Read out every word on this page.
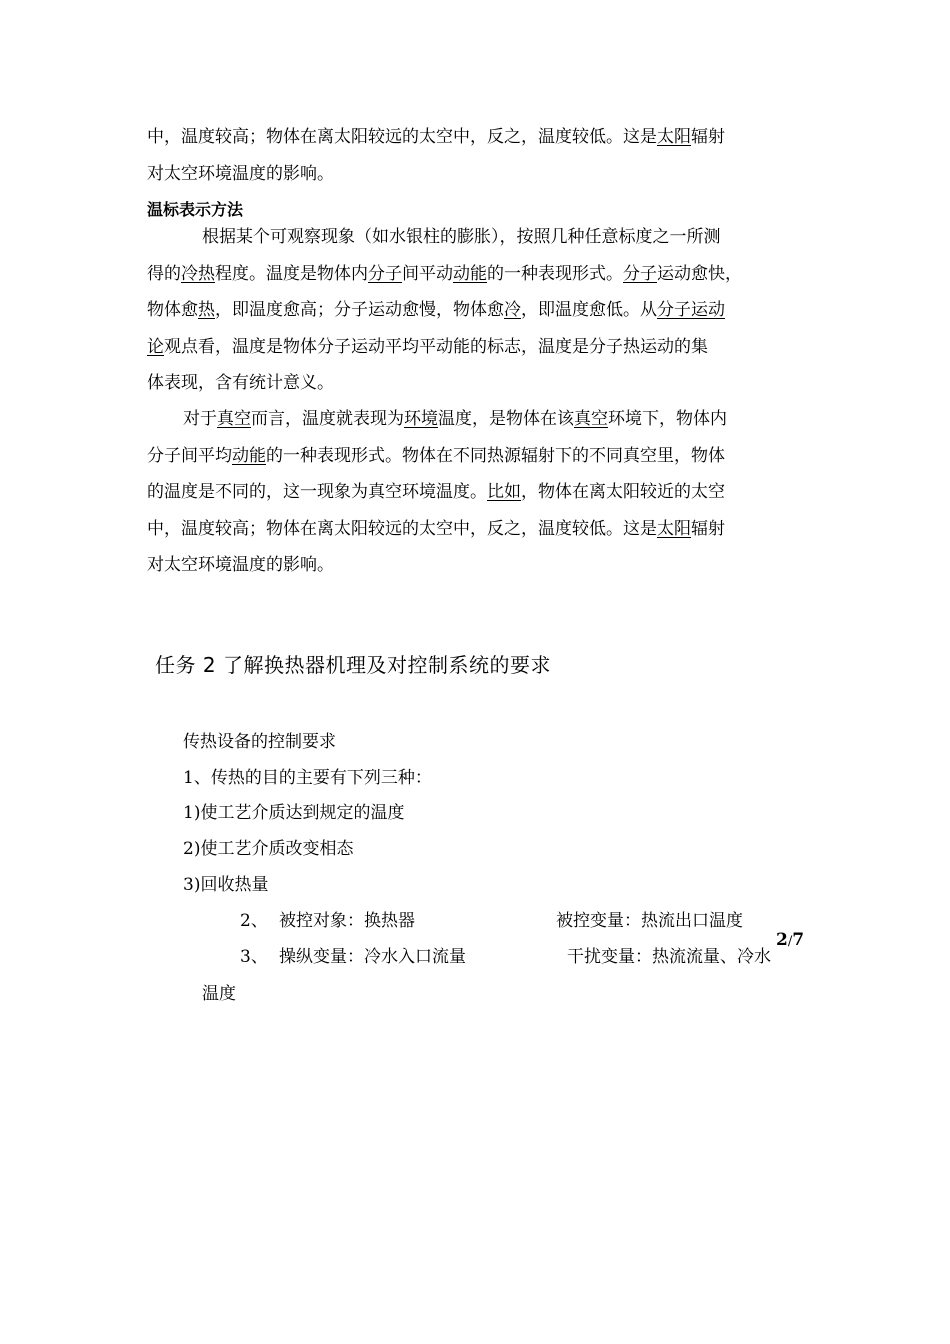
中，温度较高；物体在离太阳较远的太空中，反之，温度较低。这是太阳辐射
对太空环境温度的影响。
温标表示方法
根据某个可观察现象（如水银柱的膨胀），按照几种任意标度之一所测
得的冷热程度。温度是物体内分子间平动动能的一种表现形式。分子运动愈快，
物体愈热，即温度愈高；分子运动愈慢，物体愈冷，即温度愈低。从分子运动
论观点看，温度是物体分子运动平均平动能的标志，温度是分子热运动的集
体表现，含有统计意义。
对于真空而言，温度就表现为环境温度，是物体在该真空环境下，物体内
分子间平均动能的一种表现形式。物体在不同热源辐射下的不同真空里，物体
的温度是不同的，这一现象为真空环境温度。比如，物体在离太阳较近的太空
中，温度较高；物体在离太阳较远的太空中，反之，温度较低。这是太阳辐射
对太空环境温度的影响。
任务 2 了解换热器机理及对控制系统的要求
传热设备的控制要求
1、传热的目的主要有下列三种：
1)使工艺介质达到规定的温度
2)使工艺介质改变相态
3)回收热量
2、 被控对象：换热器	被控变量：热流出口温度
3、 操纵变量：冷水入口流量	干扰变量：热流流量、冷水
温度
2/7
